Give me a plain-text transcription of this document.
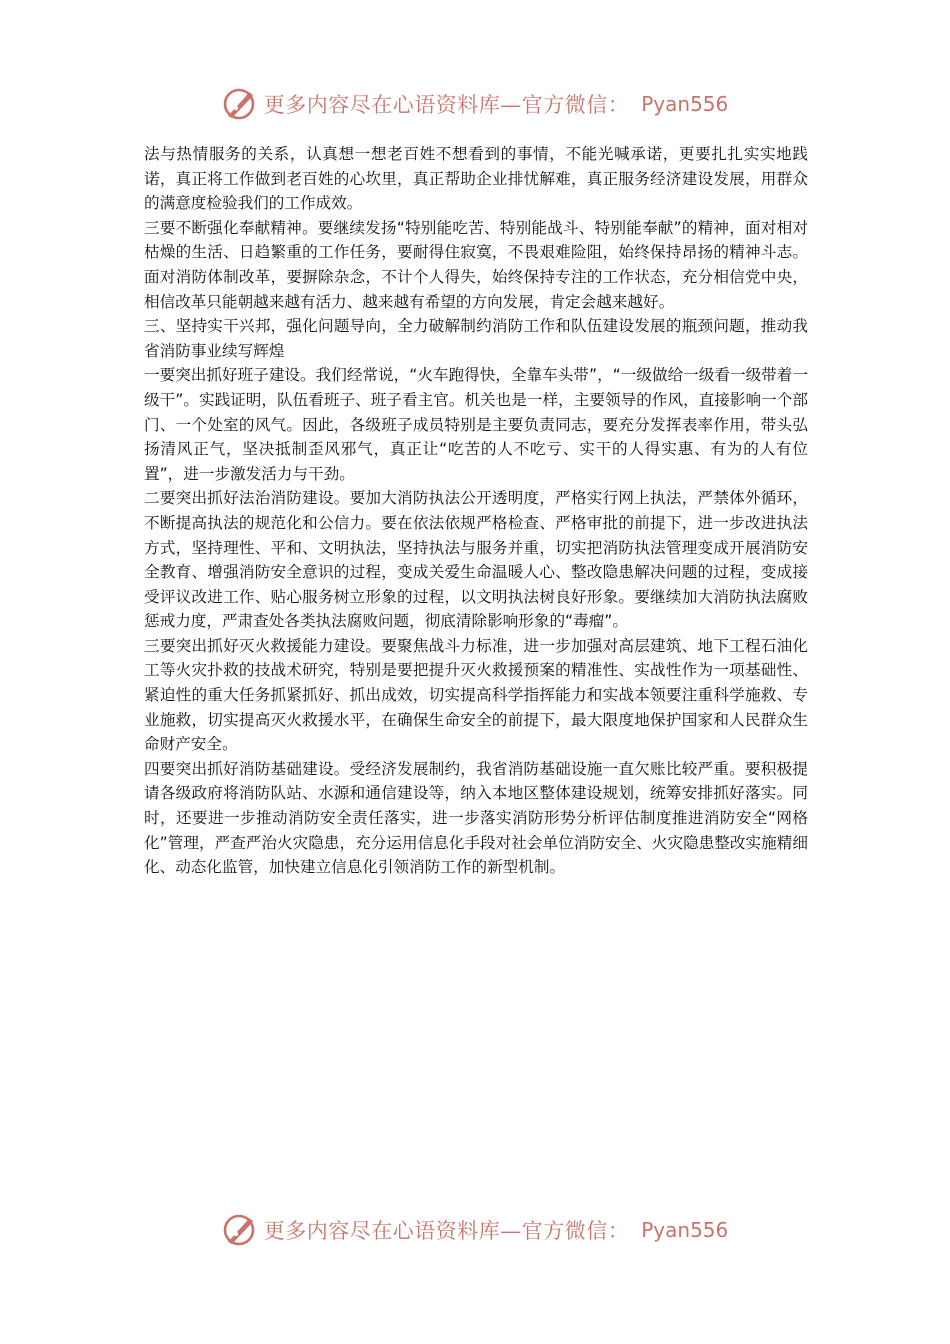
更多内容尽在心语资料库—官方微信： Pyan556

法与热情服务的关系，认真想一想老百姓不想看到的事情，不能光喊承诺，更要扎扎实实地践诺，真正将工作做到老百姓的心坎里，真正帮助企业排忧解难，真正服务经济建设发展，用群众的满意度检验我们的工作成效。

三要不断强化奉献精神。要继续发扬“特别能吃苦、特别能战斗、特别能奉献”的精神，面对相对枯燥的生活、日趋繁重的工作任务，要耐得住寂寞，不畏艰难险阻，始终保持昂扬的精神斗志。面对消防体制改革，要摒除杂念，不计个人得失，始终保持专注的工作状态，充分相信党中央，相信改革只能朝越来越有活力、越来越有希望的方向发展，肯定会越来越好。

三、坚持实干兴邦，强化问题导向，全力破解制约消防工作和队伍建设发展的瓶颈问题，推动我省消防事业续写辉煌

一要突出抓好班子建设。我们经常说，“火车跑得快，全靠车头带”，“一级做给一级看一级带着一级干”。实践证明，队伍看班子、班子看主官。机关也是一样，主要领导的作风，直接影响一个部门、一个处室的风气。因此，各级班子成员特别是主要负责同志，要充分发挥表率作用，带头弘扬清风正气，坚决抵制歪风邪气，真正让“吃苦的人不吃亏、实干的人得实惠、有为的人有位置”，进一步激发活力与干劲。

二要突出抓好法治消防建设。要加大消防执法公开透明度，严格实行网上执法，严禁体外循环，不断提高执法的规范化和公信力。要在依法依规严格检查、严格审批的前提下，进一步改进执法方式，坚持理性、平和、文明执法，坚持执法与服务并重，切实把消防执法管理变成开展消防安全教育、增强消防安全意识的过程，变成关爱生命温暖人心、整改隐患解决问题的过程，变成接受评议改进工作、贴心服务树立形象的过程，以文明执法树良好形象。要继续加大消防执法腐败惩戒力度，严肃查处各类执法腐败问题，彻底清除影响形象的“毒瘤”。

三要突出抓好灭火救援能力建设。要聚焦战斗力标准，进一步加强对高层建筑、地下工程石油化工等火灾扑救的技战术研究，特别是要把提升灭火救援预案的精准性、实战性作为一项基础性、紧迫性的重大任务抓紧抓好、抓出成效，切实提高科学指挥能力和实战本领要注重科学施救、专业施救，切实提高灭火救援水平，在确保生命安全的前提下，最大限度地保护国家和人民群众生命财产安全。

四要突出抓好消防基础建设。受经济发展制约，我省消防基础设施一直欠账比较严重。要积极提请各级政府将消防队站、水源和通信建设等，纳入本地区整体建设规划，统筹安排抓好落实。同时，还要进一步推动消防安全责任落实，进一步落实消防形势分析评估制度推进消防安全“网格化”管理，严查严治火灾隐患，充分运用信息化手段对社会单位消防安全、火灾隐患整改实施精细化、动态化监管，加快建立信息化引领消防工作的新型机制。

更多内容尽在心语资料库—官方微信： Pyan556
